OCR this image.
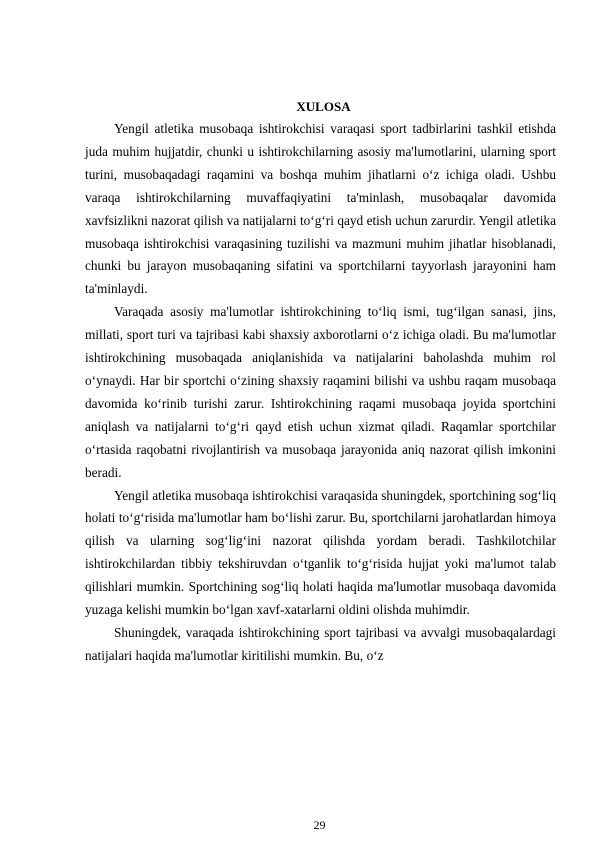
XULOSA

Yengil atletika musobaqa ishtirokchisi varaqasi sport tadbirlarini tashkil etishda juda muhim hujjatdir, chunki u ishtirokchilarning asosiy ma'lumotlarini, ularning sport turini, musobaqadagi raqamini va boshqa muhim jihatlarni o‘z ichiga oladi. Ushbu varaqa ishtirokchilarning muvaffaqiyatini ta'minlash, musobaqalar davomida xavfsizlikni nazorat qilish va natijalarni to‘g‘ri qayd etish uchun zarurdir. Yengil atletika musobaqa ishtirokchisi varaqasining tuzilishi va mazmuni muhim jihatlar hisoblanadi, chunki bu jarayon musobaqaning sifatini va sportchilarni tayyorlash jarayonini ham ta'minlaydi.

Varaqada asosiy ma'lumotlar ishtirokchining to‘liq ismi, tug‘ilgan sanasi, jins, millati, sport turi va tajribasi kabi shaxsiy axborotlarni o‘z ichiga oladi. Bu ma'lumotlar ishtirokchining musobaqada aniqlanishida va natijalarini baholashda muhim rol o‘ynaydi. Har bir sportchi o‘zining shaxsiy raqamini bilishi va ushbu raqam musobaqa davomida ko‘rinib turishi zarur. Ishtirokchining raqami musobaqa joyida sportchini aniqlash va natijalarni to‘g‘ri qayd etish uchun xizmat qiladi. Raqamlar sportchilar o‘rtasida raqobatni rivojlantirish va musobaqa jarayonida aniq nazorat qilish imkonini beradi.

Yengil atletika musobaqa ishtirokchisi varaqasida shuningdek, sportchining sog‘liq holati to‘g‘risida ma'lumotlar ham bo‘lishi zarur. Bu, sportchilarni jarohatlardan himoya qilish va ularning sog‘lig‘ini nazorat qilishda yordam beradi. Tashkilotchilar ishtirokchilardan tibbiy tekshiruvdan o‘tganlik to‘g‘risida hujjat yoki ma'lumot talab qilishlari mumkin. Sportchining sog‘liq holati haqida ma'lumotlar musobaqa davomida yuzaga kelishi mumkin bo‘lgan xavf-xatarlarni oldini olishda muhimdir.

Shuningdek, varaqada ishtirokchining sport tajribasi va avvalgi musobaqalardagi natijalari haqida ma'lumotlar kiritilishi mumkin. Bu, o‘z

29
